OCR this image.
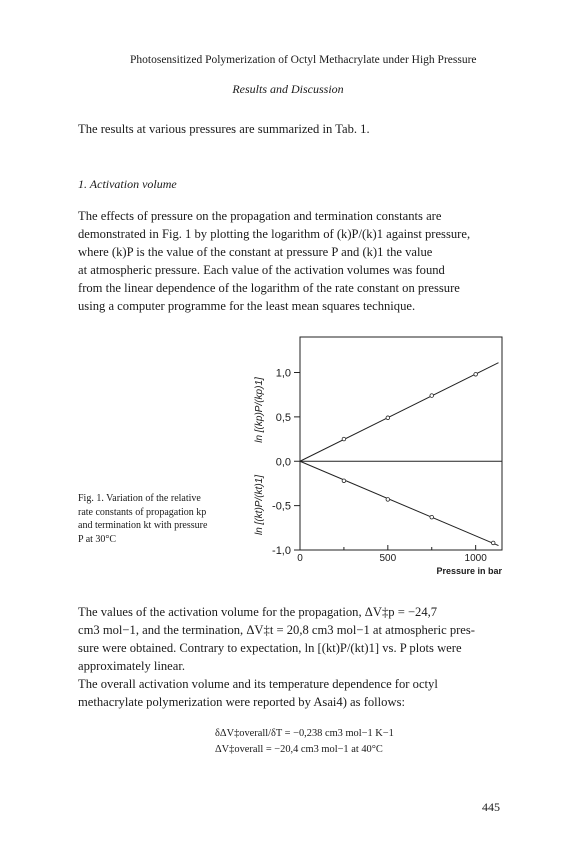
Photosensitized Polymerization of Octyl Methacrylate under High Pressure
Results and Discussion
The results at various pressures are summarized in Tab. 1.
1. Activation volume
The effects of pressure on the propagation and termination constants are
demonstrated in Fig. 1 by plotting the logarithm of (k)P/(k)1 against pressure,
where (k)P is the value of the constant at pressure P and (k)1 the value
at atmospheric pressure. Each value of the activation volumes was found
from the linear dependence of the logarithm of the rate constant on pressure
using a computer programme for the least mean squares technique.
ln [(kp)P/(kp)1]
ln [(kt)P/(kt)1]
Pressure in bar
1,0
0,5
0,0
-0,5
-1,0
0	500	1000
Fig. 1. Variation of the relative
rate constants of propagation kp
and termination kt with pressure
P at 30°C
The values of the activation volume for the propagation, ΔV‡p = −24,7
cm3 mol−1, and the termination, ΔV‡t = 20,8 cm3 mol−1 at atmospheric pres-
sure were obtained. Contrary to expectation, ln [(kt)P/(kt)1] vs. P plots were
approximately linear.
The overall activation volume and its temperature dependence for octyl
methacrylate polymerization were reported by Asai4) as follows:
δΔV‡overall/δT = −0,238 cm3 mol−1 K−1
ΔV‡overall = −20,4 cm3 mol−1 at 40°C
445
